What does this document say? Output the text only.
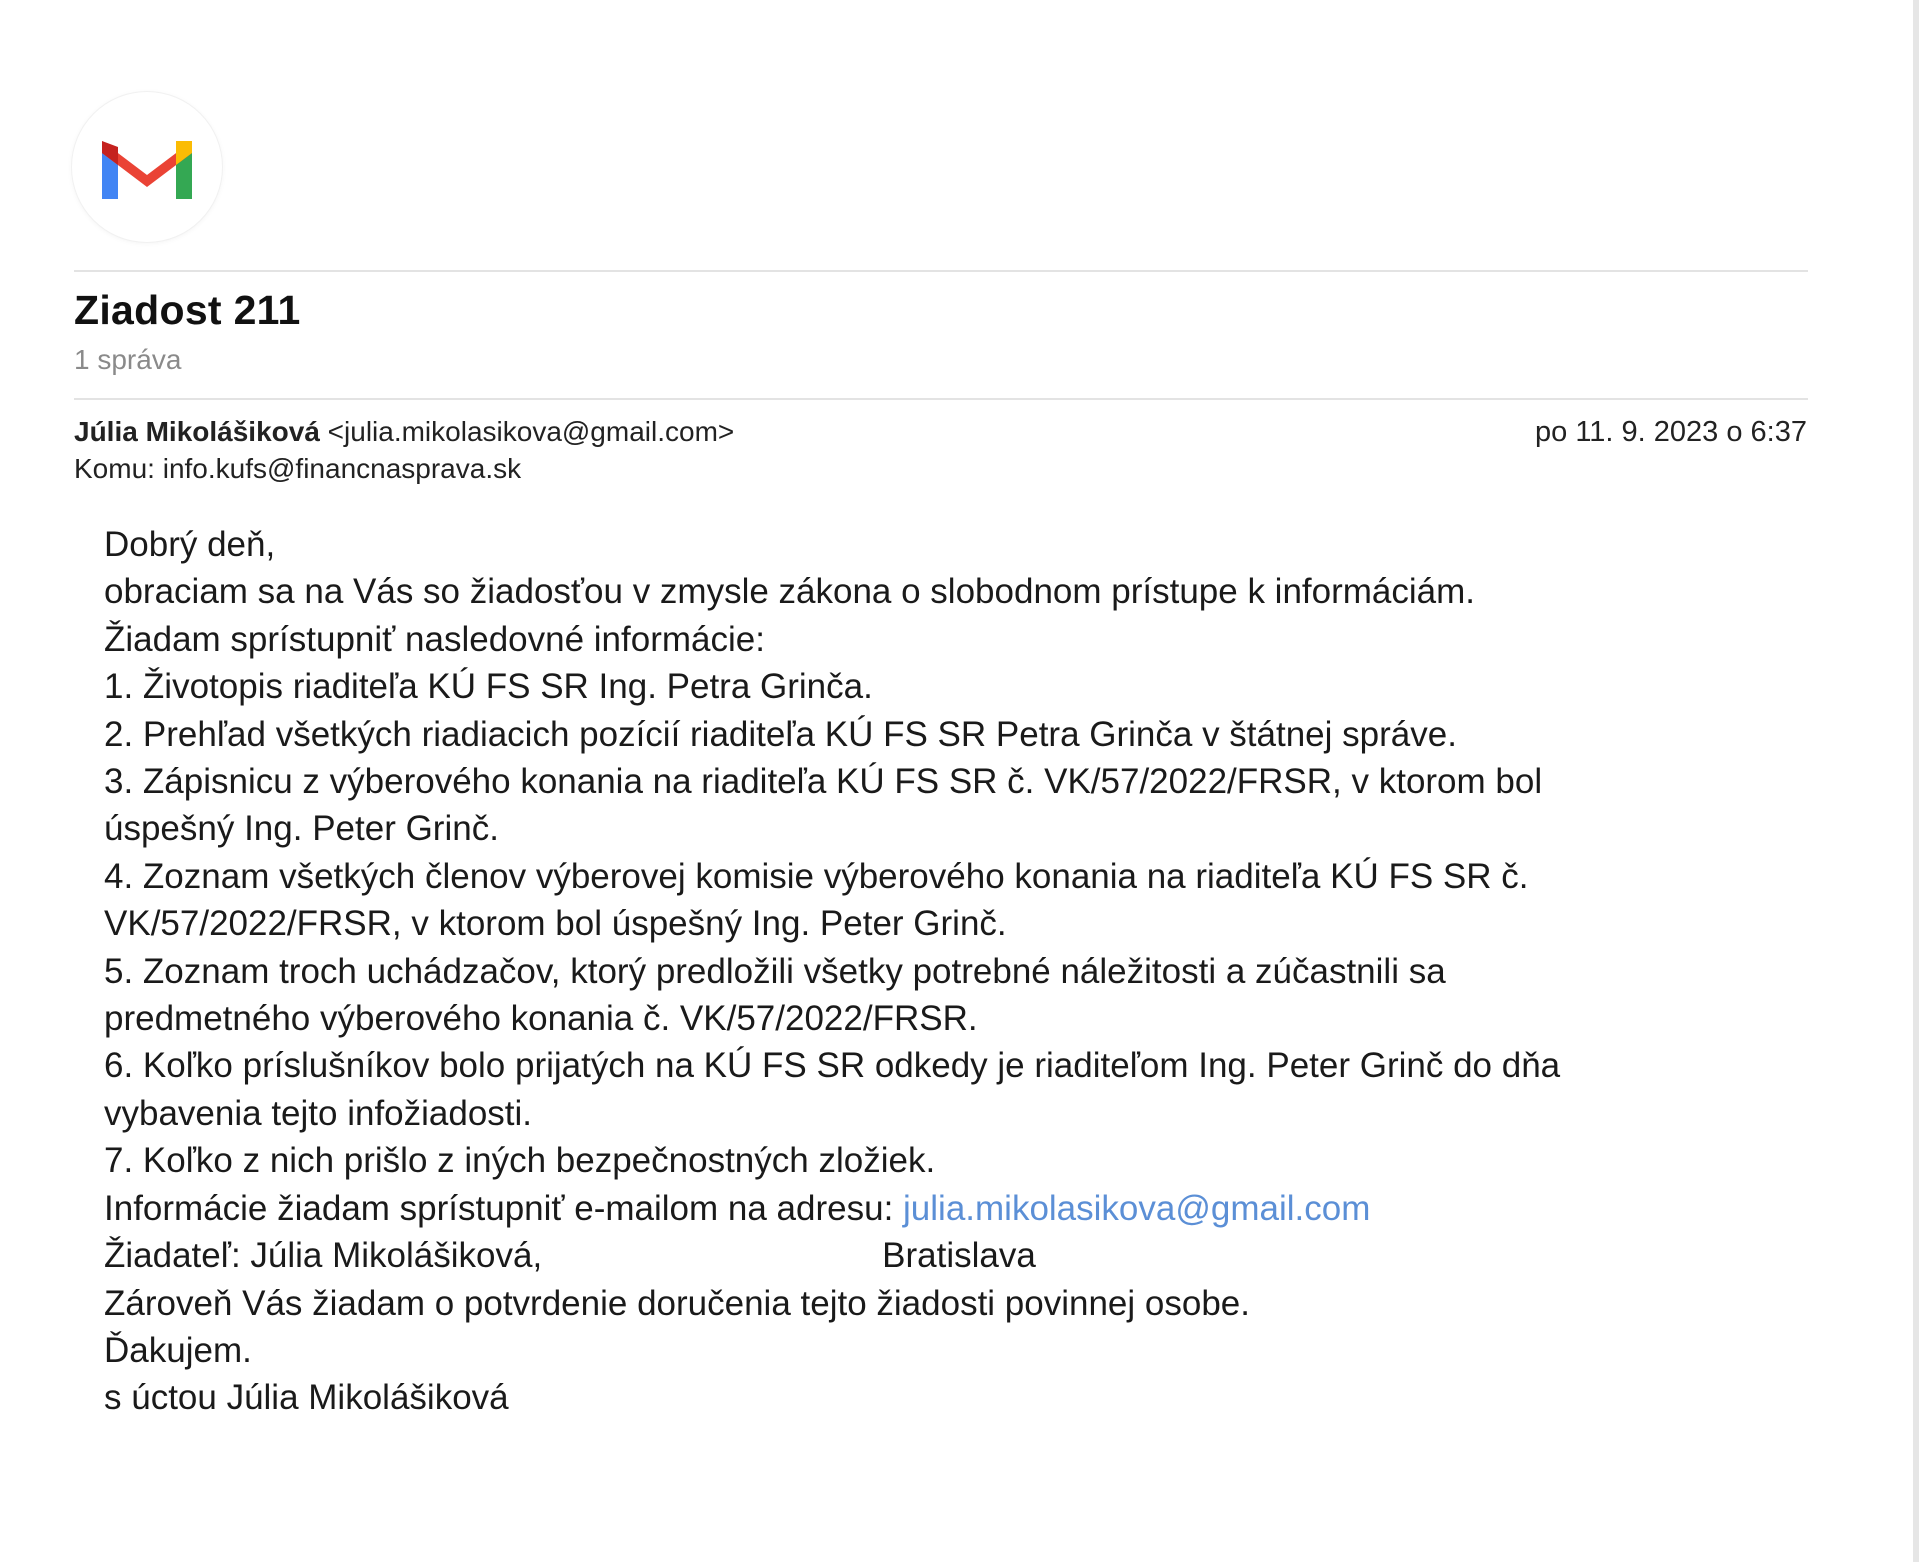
Ziadost 211
1 správa
Júlia Mikolášiková <julia.mikolasikova@gmail.com>	po 11. 9. 2023 o 6:37
Komu: info.kufs@financnasprava.sk
Dobrý deň,
obraciam sa na Vás so žiadosťou v zmysle zákona o slobodnom prístupe k informáciám.
Žiadam sprístupniť nasledovné informácie:
1. Životopis riaditeľa KÚ FS SR Ing. Petra Grinča.
2. Prehľad všetkých riadiacich pozícií riaditeľa KÚ FS SR Petra Grinča v štátnej správe.
3. Zápisnicu z výberového konania na riaditeľa KÚ FS SR č. VK/57/2022/FRSR, v ktorom bol
úspešný Ing. Peter Grinč.
4. Zoznam všetkých členov výberovej komisie výberového konania na riaditeľa KÚ FS SR č.
VK/57/2022/FRSR, v ktorom bol úspešný Ing. Peter Grinč.
5. Zoznam troch uchádzačov, ktorý predložili všetky potrebné náležitosti a zúčastnili sa
predmetného výberového konania č. VK/57/2022/FRSR.
6. Koľko príslušníkov bolo prijatých na KÚ FS SR odkedy je riaditeľom Ing. Peter Grinč do dňa
vybavenia tejto infožiadosti.
7. Koľko z nich prišlo z iných bezpečnostných zložiek.
Informácie žiadam sprístupniť e-mailom na adresu: julia.mikolasikova@gmail.com
Žiadateľ: Júlia Mikolášiková,	Bratislava
Zároveň Vás žiadam o potvrdenie doručenia tejto žiadosti povinnej osobe.
Ďakujem.
s úctou Júlia Mikolášiková
